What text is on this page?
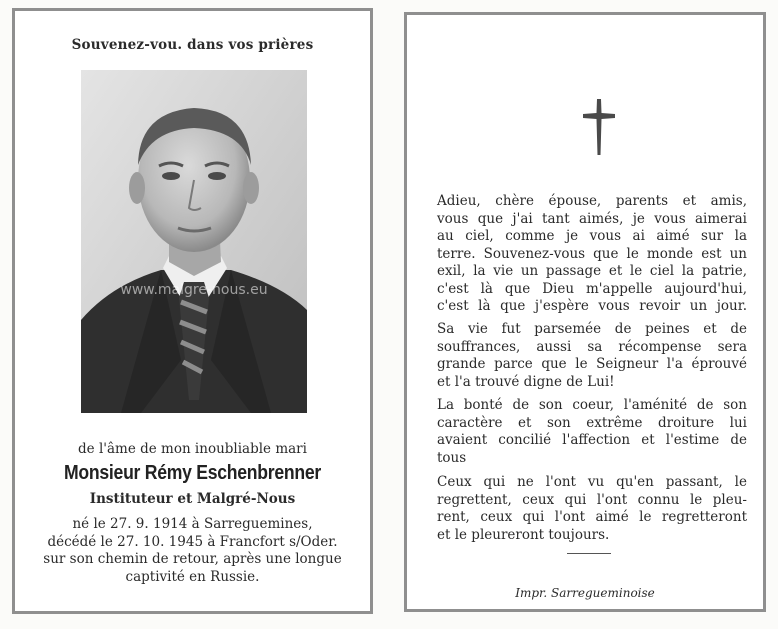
Souvenez-vou. dans vos prières
www.malgre-nous.eu
de l'âme de mon inoubliable mari
Monsieur Rémy Eschenbrenner
Instituteur et Malgré-Nous
né le 27. 9. 1914 à Sarreguemines,
décédé le 27. 10. 1945 à Francfort s/Oder.
sur son chemin de retour, après une longue
captivité en Russie.
Adieu, chère épouse, parents et amis,
vous que j'ai tant aimés, je vous aimerai
au ciel, comme je vous ai aimé sur la
terre. Souvenez-vous que le monde est un
exil, la vie un passage et le ciel la patrie,
c'est là que Dieu m'appelle aujourd'hui,
c'est là que j'espère vous revoir un jour.
Sa vie fut parsemée de peines et de
souffrances, aussi sa récompense sera
grande parce que le Seigneur l'a éprouvé
et l'a trouvé digne de Lui!
La bonté de son coeur, l'aménité de son
caractère et son extrême droiture lui
avaient concilié l'affection et l'estime de
tous
Ceux qui ne l'ont vu qu'en passant, le
regrettent, ceux qui l'ont connu le pleu-
rent, ceux qui l'ont aimé le regretteront
et le pleureront toujours.
Impr. Sarregueminoise
